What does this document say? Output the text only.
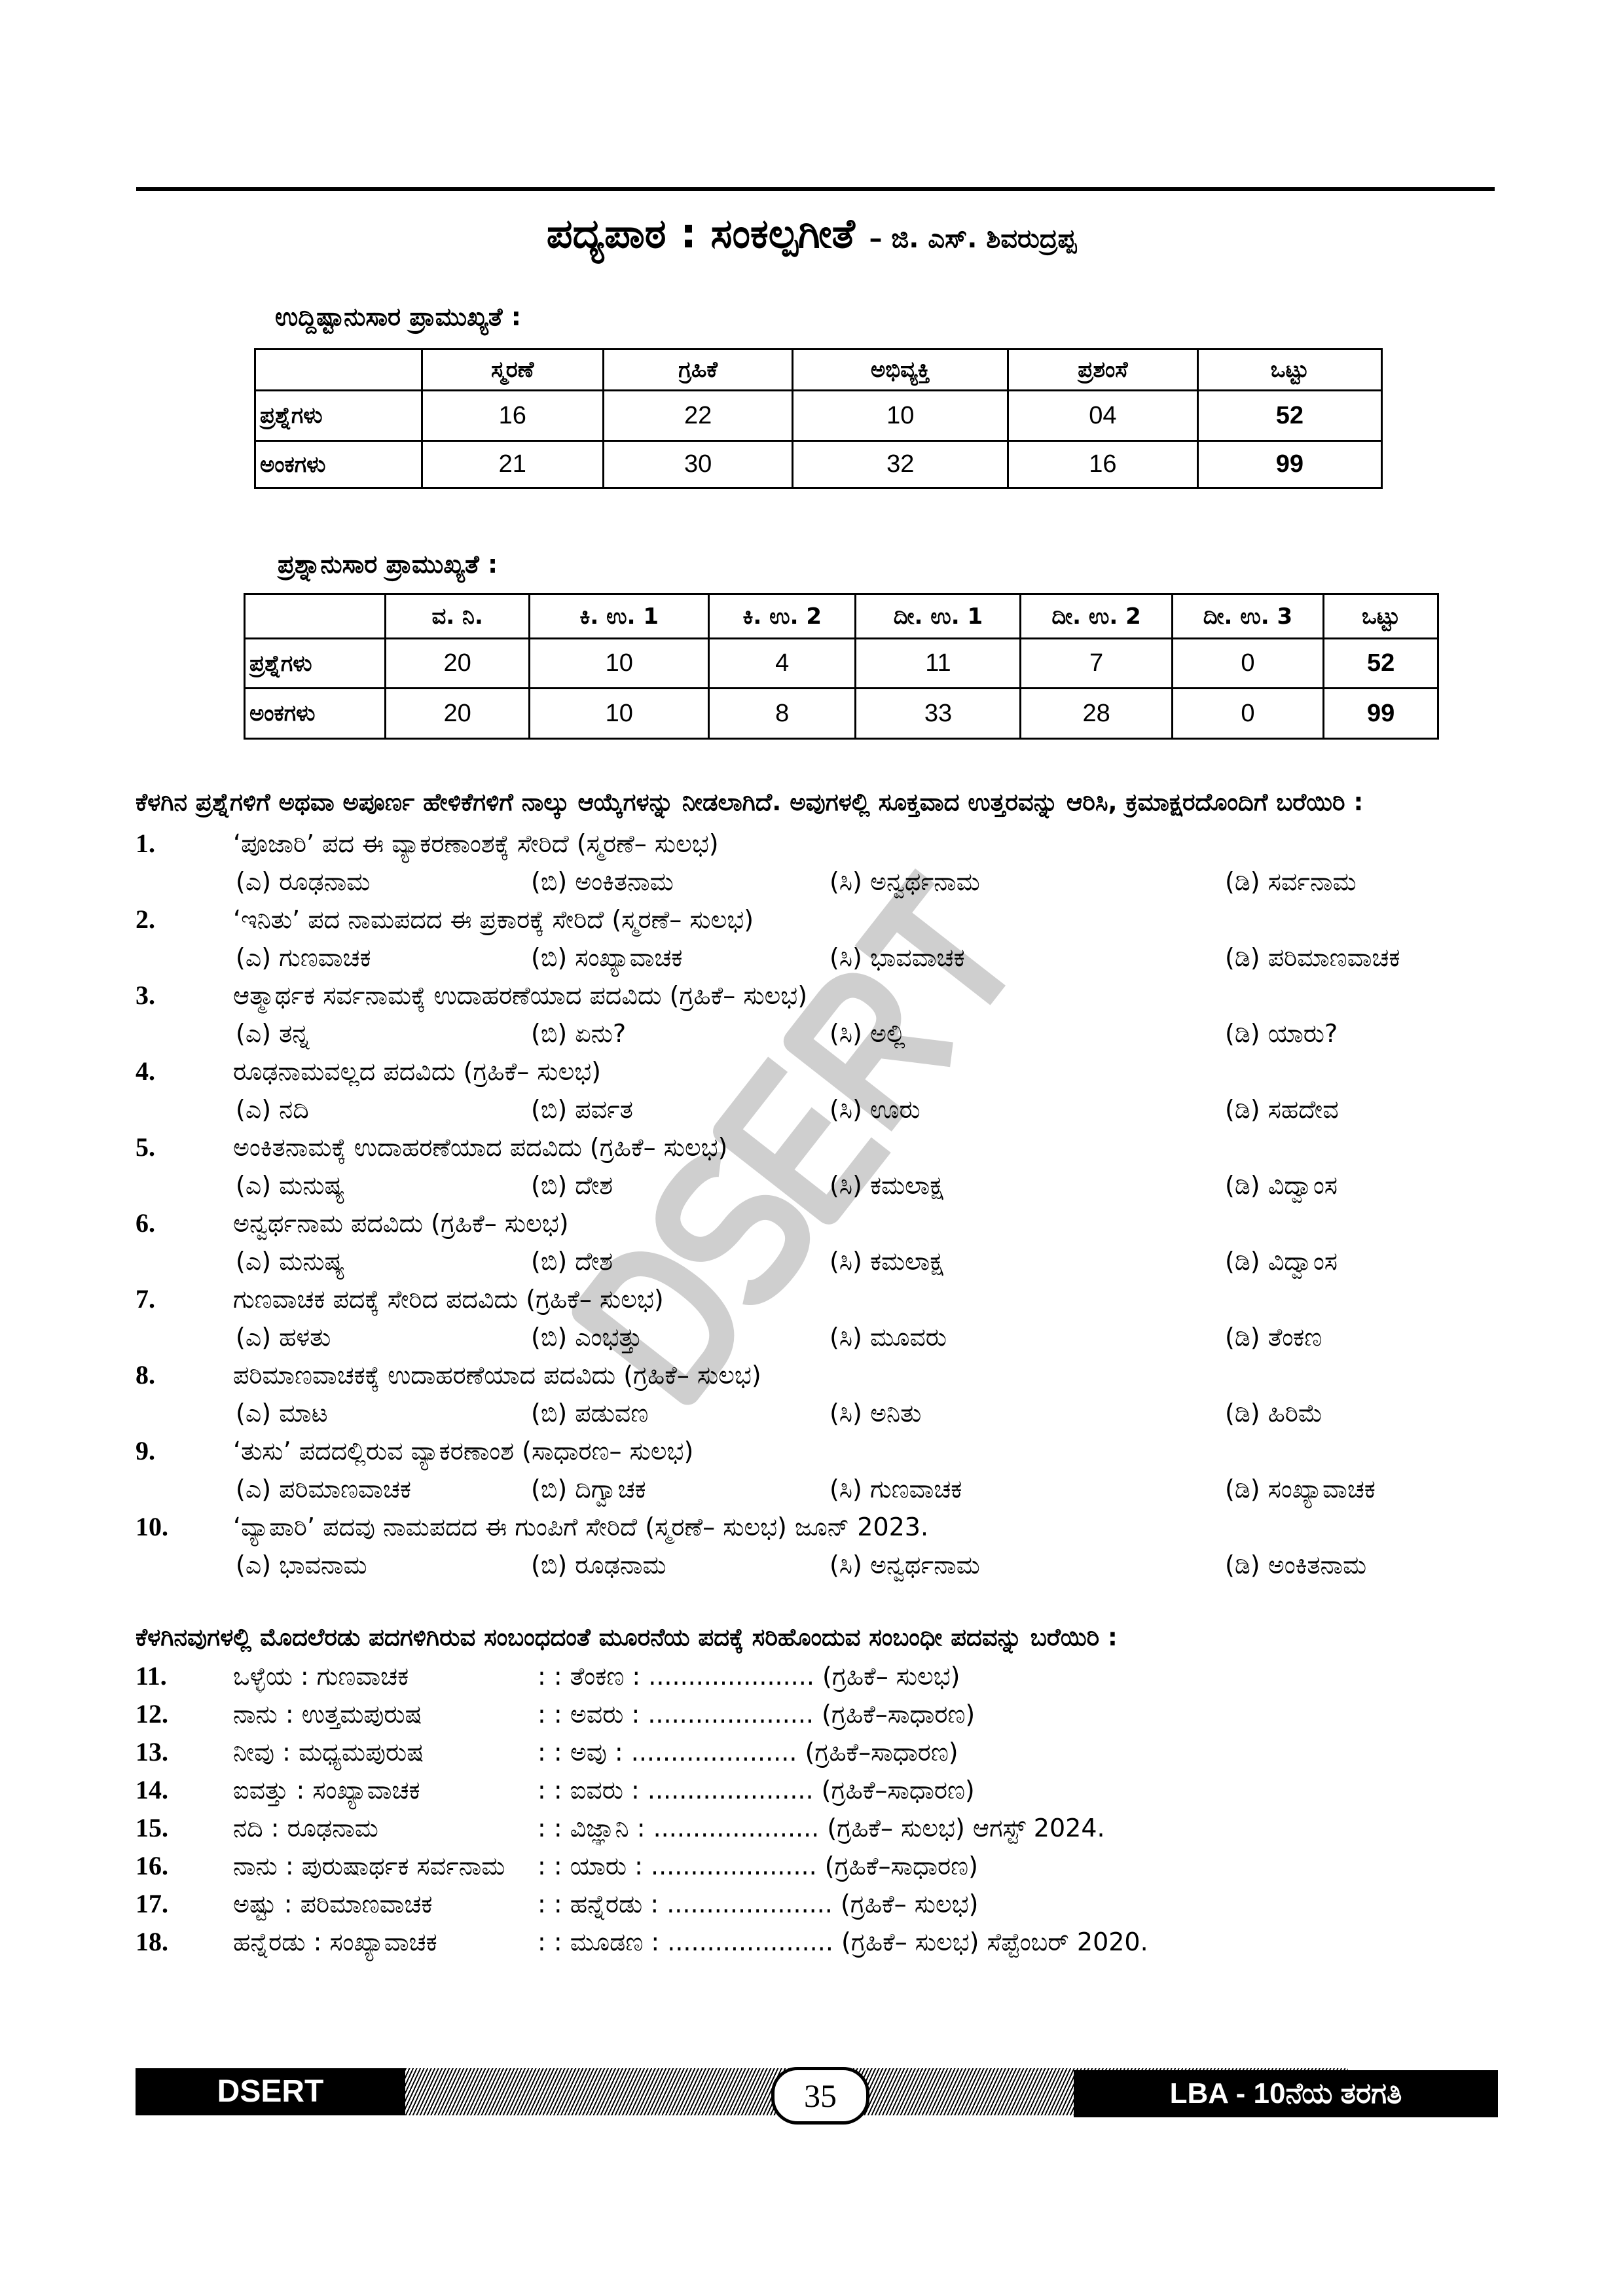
ಪದ್ಯಪಾಠ : ಸಂಕಲ್ಪಗೀತೆ – ಜಿ. ಎಸ್. ಶಿವರುದ್ರಪ್ಪ
ಉದ್ದಿಷ್ಟಾನುಸಾರ ಪ್ರಾಮುಖ್ಯತೆ :
	ಸ್ಮರಣೆ	ಗ್ರಹಿಕೆ	ಅಭಿವ್ಯಕ್ತಿ	ಪ್ರಶಂಸೆ	ಒಟ್ಟು
ಪ್ರಶ್ನೆಗಳು	16	22	10	04	52
ಅಂಕಗಳು	21	30	32	16	99
ಪ್ರಶ್ನಾನುಸಾರ ಪ್ರಾಮುಖ್ಯತೆ :
	ವ. ನಿ.	ಕಿ. ಉ. 1	ಕಿ. ಉ. 2	ದೀ. ಉ. 1	ದೀ. ಉ. 2	ದೀ. ಉ. 3	ಒಟ್ಟು
ಪ್ರಶ್ನೆಗಳು	20	10	4	11	7	0	52
ಅಂಕಗಳು	20	10	8	33	28	0	99
ಕೆಳಗಿನ ಪ್ರಶ್ನೆಗಳಿಗೆ ಅಥವಾ ಅಪೂರ್ಣ ಹೇಳಿಕೆಗಳಿಗೆ ನಾಲ್ಕು ಆಯ್ಕೆಗಳನ್ನು ನೀಡಲಾಗಿದೆ. ಅವುಗಳಲ್ಲಿ ಸೂಕ್ತವಾದ ಉತ್ತರವನ್ನು ಆರಿಸಿ, ಕ್ರಮಾಕ್ಷರದೊಂದಿಗೆ ಬರೆಯಿರಿ :
1.	‘ಪೂಜಾರಿ’ ಪದ ಈ ವ್ಯಾಕರಣಾಂಶಕ್ಕೆ ಸೇರಿದೆ (ಸ್ಮರಣೆ– ಸುಲಭ)
(ಎ) ರೂಢನಾಮ	(ಬಿ) ಅಂಕಿತನಾಮ	(ಸಿ) ಅನ್ವರ್ಥನಾಮ	(ಡಿ) ಸರ್ವನಾಮ
2.	‘ಇನಿತು’ ಪದ ನಾಮಪದದ ಈ ಪ್ರಕಾರಕ್ಕೆ ಸೇರಿದೆ (ಸ್ಮರಣೆ– ಸುಲಭ)
(ಎ) ಗುಣವಾಚಕ	(ಬಿ) ಸಂಖ್ಯಾವಾಚಕ	(ಸಿ) ಭಾವವಾಚಕ	(ಡಿ) ಪರಿಮಾಣವಾಚಕ
3.	ಆತ್ಮಾರ್ಥಕ ಸರ್ವನಾಮಕ್ಕೆ ಉದಾಹರಣೆಯಾದ ಪದವಿದು (ಗ್ರಹಿಕೆ– ಸುಲಭ)
(ಎ) ತನ್ನ	(ಬಿ) ಏನು?	(ಸಿ) ಅಲ್ಲಿ	(ಡಿ) ಯಾರು?
4.	ರೂಢನಾಮವಲ್ಲದ ಪದವಿದು (ಗ್ರಹಿಕೆ– ಸುಲಭ)
(ಎ) ನದಿ	(ಬಿ) ಪರ್ವತ	(ಸಿ) ಊರು	(ಡಿ) ಸಹದೇವ
5.	ಅಂಕಿತನಾಮಕ್ಕೆ ಉದಾಹರಣೆಯಾದ ಪದವಿದು (ಗ್ರಹಿಕೆ– ಸುಲಭ)
(ಎ) ಮನುಷ್ಯ	(ಬಿ) ದೇಶ	(ಸಿ) ಕಮಲಾಕ್ಷ	(ಡಿ) ವಿದ್ವಾಂಸ
6.	ಅನ್ವರ್ಥನಾಮ ಪದವಿದು (ಗ್ರಹಿಕೆ– ಸುಲಭ)
(ಎ) ಮನುಷ್ಯ	(ಬಿ) ದೇಶ	(ಸಿ) ಕಮಲಾಕ್ಷ	(ಡಿ) ವಿದ್ವಾಂಸ
7.	ಗುಣವಾಚಕ ಪದಕ್ಕೆ ಸೇರಿದ ಪದವಿದು (ಗ್ರಹಿಕೆ– ಸುಲಭ)
(ಎ) ಹಳತು	(ಬಿ) ಎಂಭತ್ತು	(ಸಿ) ಮೂವರು	(ಡಿ) ತೆಂಕಣ
8.	ಪರಿಮಾಣವಾಚಕಕ್ಕೆ ಉದಾಹರಣೆಯಾದ ಪದವಿದು (ಗ್ರಹಿಕೆ– ಸುಲಭ)
(ಎ) ಮಾಟ	(ಬಿ) ಪಡುವಣ	(ಸಿ) ಅನಿತು	(ಡಿ) ಹಿರಿಮೆ
9.	‘ತುಸು’ ಪದದಲ್ಲಿರುವ ವ್ಯಾಕರಣಾಂಶ (ಸಾಧಾರಣ– ಸುಲಭ)
(ಎ) ಪರಿಮಾಣವಾಚಕ	(ಬಿ) ದಿಗ್ವಾಚಕ	(ಸಿ) ಗುಣವಾಚಕ	(ಡಿ) ಸಂಖ್ಯಾವಾಚಕ
10.	‘ವ್ಯಾಪಾರಿ’ ಪದವು ನಾಮಪದದ ಈ ಗುಂಪಿಗೆ ಸೇರಿದೆ (ಸ್ಮರಣೆ– ಸುಲಭ) ಜೂನ್ 2023.
(ಎ) ಭಾವನಾಮ	(ಬಿ) ರೂಢನಾಮ	(ಸಿ) ಅನ್ವರ್ಥನಾಮ	(ಡಿ) ಅಂಕಿತನಾಮ
ಕೆಳಗಿನವುಗಳಲ್ಲಿ ಮೊದಲೆರಡು ಪದಗಳಿಗಿರುವ ಸಂಬಂಧದಂತೆ ಮೂರನೆಯ ಪದಕ್ಕೆ ಸರಿಹೊಂದುವ ಸಂಬಂಧೀ ಪದವನ್ನು ಬರೆಯಿರಿ :
11.	ಒಳ್ಳೆಯ : ಗುಣವಾಚಕ	: : ತೆಂಕಣ : ..................... (ಗ್ರಹಿಕೆ– ಸುಲಭ)
12.	ನಾನು : ಉತ್ತಮಪುರುಷ	: : ಅವರು : ..................... (ಗ್ರಹಿಕೆ–ಸಾಧಾರಣ)
13.	ನೀವು : ಮಧ್ಯಮಪುರುಷ	: : ಅವು : ..................... (ಗ್ರಹಿಕೆ–ಸಾಧಾರಣ)
14.	ಐವತ್ತು : ಸಂಖ್ಯಾವಾಚಕ	: : ಐವರು : ..................... (ಗ್ರಹಿಕೆ–ಸಾಧಾರಣ)
15.	ನದಿ : ರೂಢನಾಮ	: : ವಿಜ್ಞಾನಿ : ..................... (ಗ್ರಹಿಕೆ– ಸುಲಭ) ಆಗಸ್ಟ್ 2024.
16.	ನಾನು : ಪುರುಷಾರ್ಥಕ ಸರ್ವನಾಮ : : ಯಾರು : ..................... (ಗ್ರಹಿಕೆ–ಸಾಧಾರಣ)
17.	ಅಷ್ಟು : ಪರಿಮಾಣವಾಚಕ	: : ಹನ್ನೆರಡು : ..................... (ಗ್ರಹಿಕೆ– ಸುಲಭ)
18.	ಹನ್ನೆರಡು : ಸಂಖ್ಯಾವಾಚಕ	: : ಮೂಡಣ : ..................... (ಗ್ರಹಿಕೆ– ಸುಲಭ) ಸೆಪ್ಟೆಂಬರ್ 2020.
DSERT	LBA - 10ನೆಯ ತರಗತಿ
35
